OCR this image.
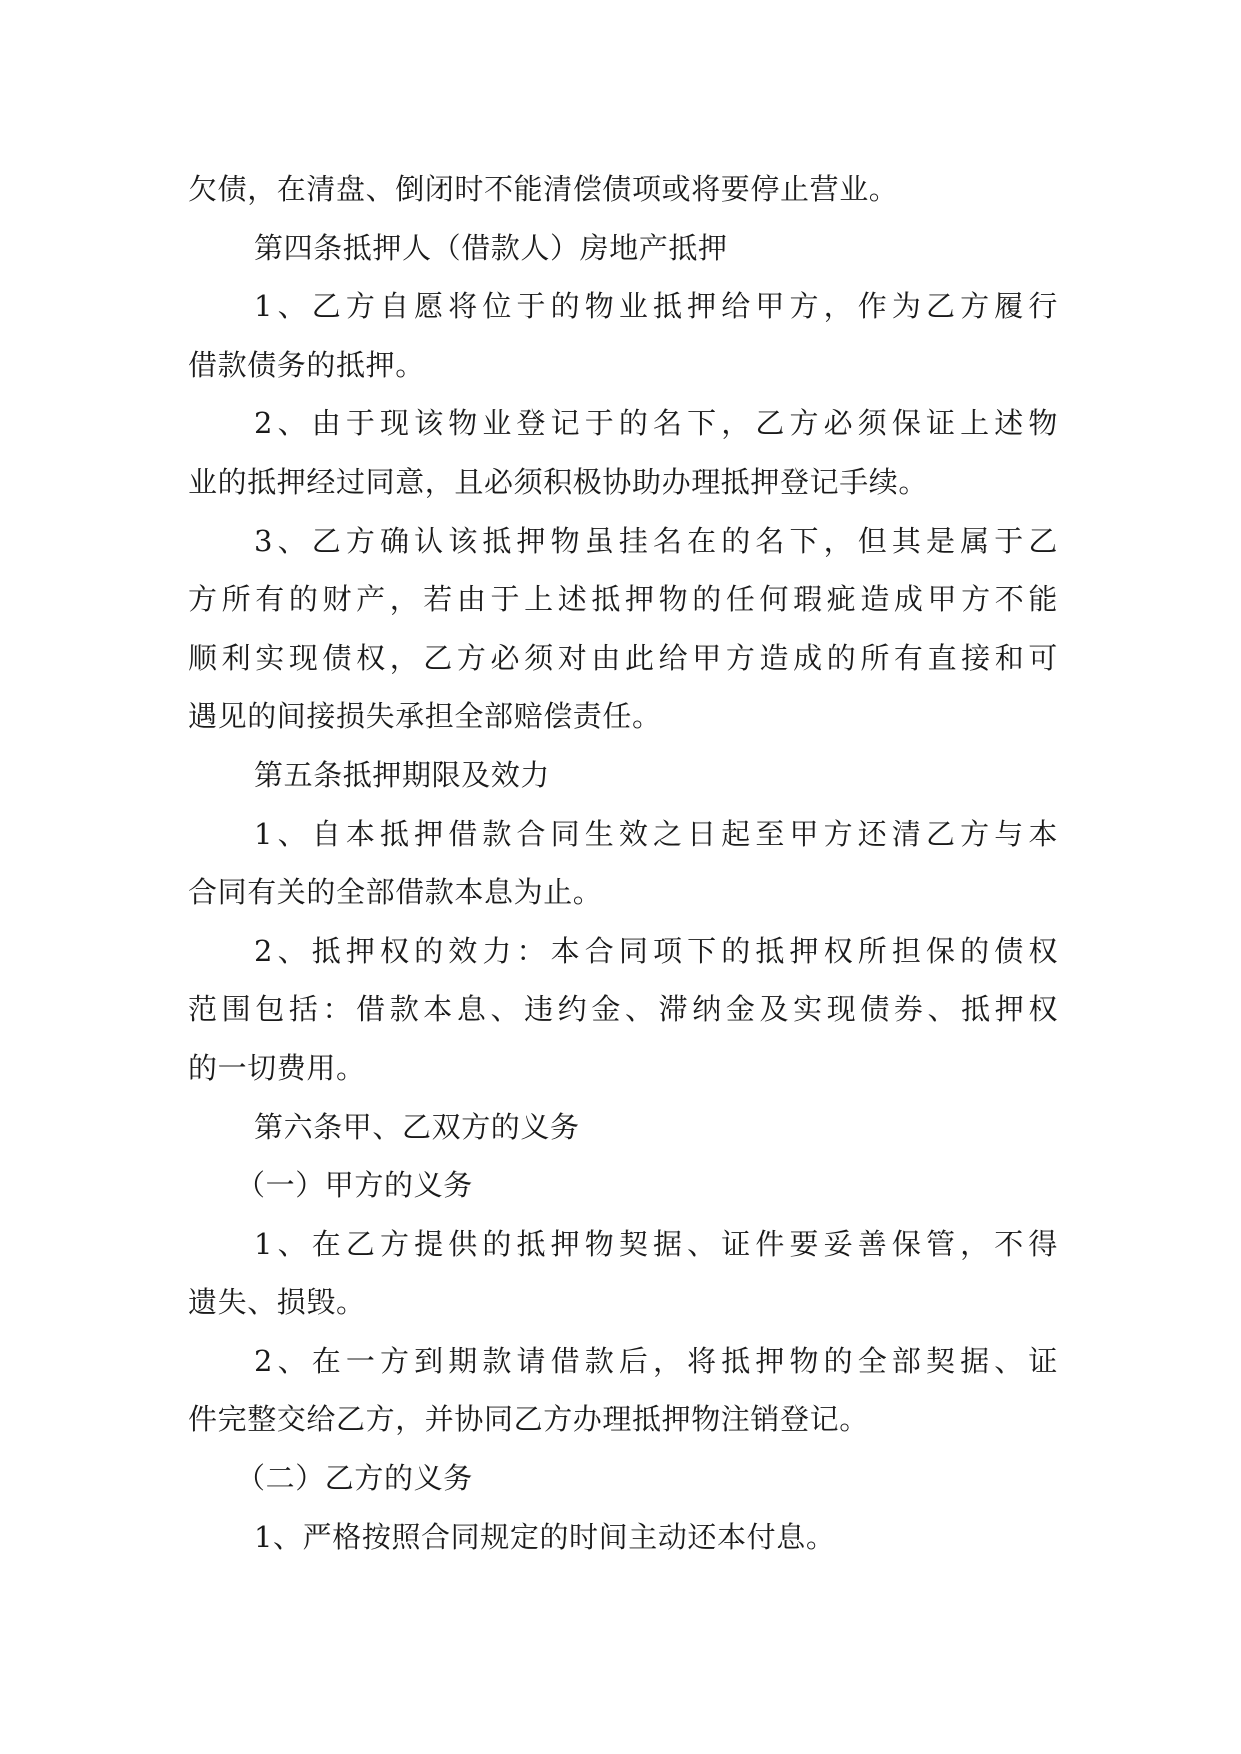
欠债，在清盘、倒闭时不能清偿债项或将要停止营业。
第四条抵押人（借款人）房地产抵押
1、乙方自愿将位于的物业抵押给甲方，作为乙方履行
借款债务的抵押。
2、由于现该物业登记于的名下，乙方必须保证上述物
业的抵押经过同意，且必须积极协助办理抵押登记手续。
3、乙方确认该抵押物虽挂名在的名下，但其是属于乙
方所有的财产，若由于上述抵押物的任何瑕疵造成甲方不能
顺利实现债权，乙方必须对由此给甲方造成的所有直接和可
遇见的间接损失承担全部赔偿责任。
第五条抵押期限及效力
1、自本抵押借款合同生效之日起至甲方还清乙方与本
合同有关的全部借款本息为止。
2、抵押权的效力：本合同项下的抵押权所担保的债权
范围包括：借款本息、违约金、滞纳金及实现债券、抵押权
的一切费用。
第六条甲、乙双方的义务
（一）甲方的义务
1、在乙方提供的抵押物契据、证件要妥善保管，不得
遗失、损毁。
2、在一方到期款请借款后，将抵押物的全部契据、证
件完整交给乙方，并协同乙方办理抵押物注销登记。
（二）乙方的义务
1、严格按照合同规定的时间主动还本付息。
